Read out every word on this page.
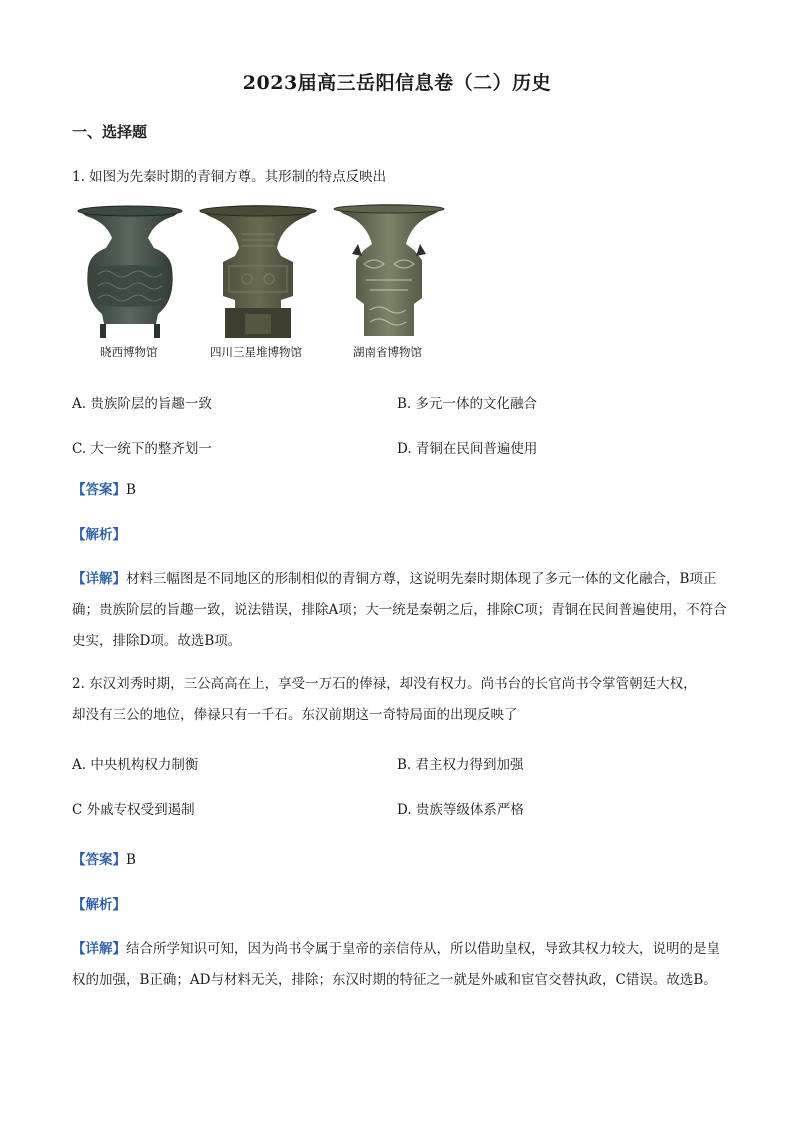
2023届高三岳阳信息卷（二）历史
一、选择题
1. 如图为先秦时期的青铜方尊。其形制的特点反映出
晓西博物馆	四川三星堆博物馆	湖南省博物馆
A. 贵族阶层的旨趣一致	B. 多元一体的文化融合
C. 大一统下的整齐划一	D. 青铜在民间普遍使用
【答案】B
【解析】
【详解】材料三幅图是不同地区的形制相似的青铜方尊，这说明先秦时期体现了多元一体的文化融合，B项正确；贵族阶层的旨趣一致，说法错误，排除A项；大一统是秦朝之后，排除C项；青铜在民间普遍使用，不符合史实，排除D项。故选B项。
2. 东汉刘秀时期，三公高高在上，享受一万石的俸禄，却没有权力。尚书台的长官尚书令掌管朝廷大权，
却没有三公的地位，俸禄只有一千石。东汉前期这一奇特局面的出现反映了
A. 中央机构权力制衡	B. 君主权力得到加强
C 外戚专权受到遏制	D. 贵族等级体系严格
【答案】B
【解析】
【详解】结合所学知识可知，因为尚书令属于皇帝的亲信侍从，所以借助皇权，导致其权力较大，说明的是皇权的加强，B正确；AD与材料无关，排除；东汉时期的特征之一就是外戚和宦官交替执政，C错误。故选B。
